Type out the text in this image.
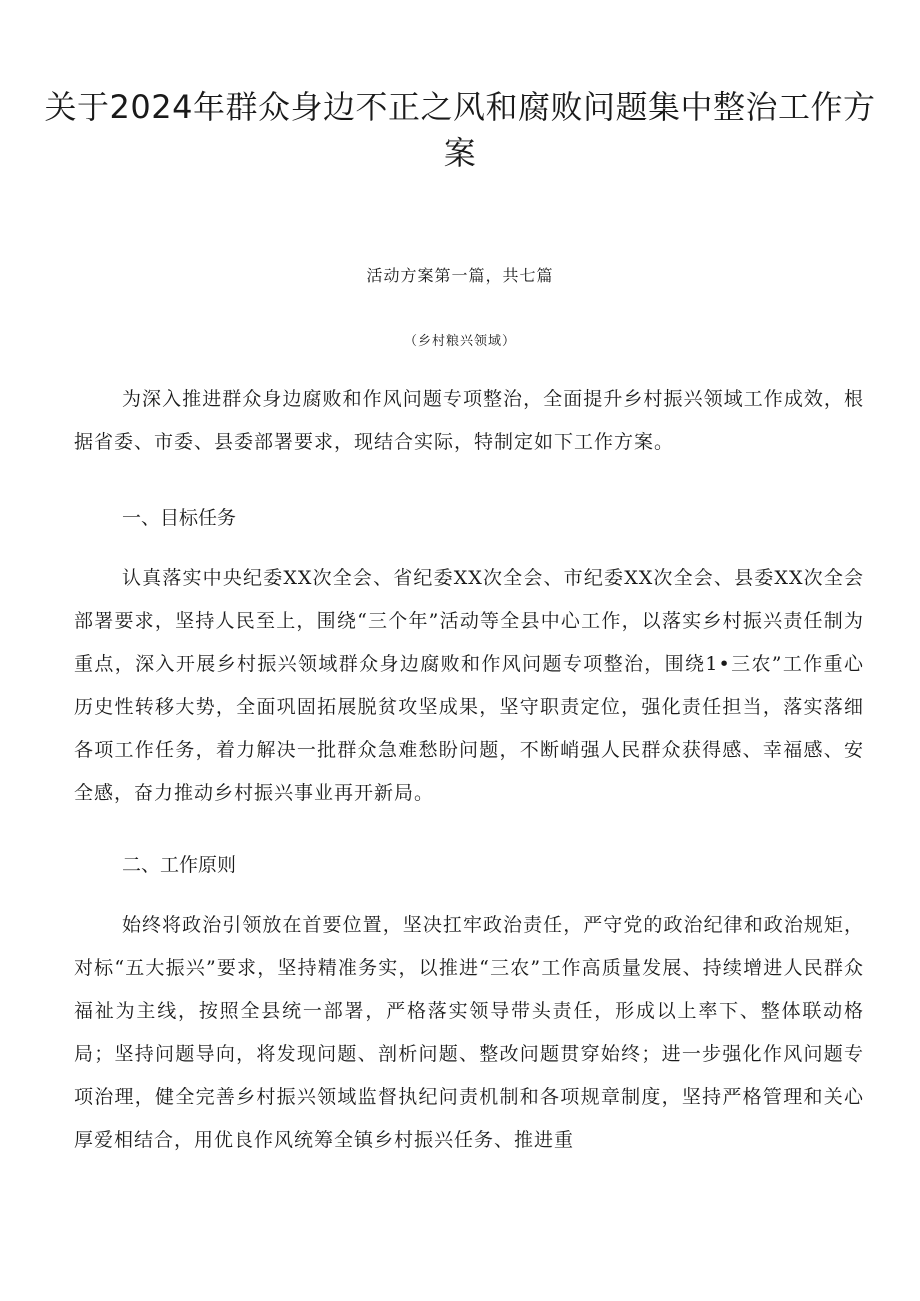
关于2024年群众身边不正之风和腐败问题集中整治工作方案

活动方案第一篇，共七篇

（乡村粮兴领域）

为深入推进群众身边腐败和作风问题专项整治，全面提升乡村振兴领域工作成效，根据省委、市委、县委部署要求，现结合实际，特制定如下工作方案。

一、目标任务

认真落实中央纪委XX次全会、省纪委XX次全会、市纪委XX次全会、县委XX次全会部署要求，坚持人民至上，围绕“三个年”活动等全县中心工作，以落实乡村振兴责任制为重点，深入开展乡村振兴领域群众身边腐败和作风问题专项整治，围绕1•三农”工作重心历史性转移大势，全面巩固拓展脱贫攻坚成果，坚守职责定位，强化责任担当，落实落细各项工作任务，着力解决一批群众急难愁盼问题，不断峭强人民群众获得感、幸福感、安全感，奋力推动乡村振兴事业再开新局。

二、工作原则

始终将政治引领放在首要位置，坚决扛牢政治责任，严守党的政治纪律和政治规矩，对标“五大振兴”要求，坚持精准务实，以推进“三农”工作高质量发展、持续增进人民群众福祉为主线，按照全县统一部署，严格落实领导带头责任，形成以上率下、整体联动格局；坚持问题导向，将发现问题、剖析问题、整改问题贯穿始终；进一步强化作风问题专项治理，健全完善乡村振兴领域监督执纪问责机制和各项规章制度，坚持严格管理和关心厚爱相结合，用优良作风统筹全镇乡村振兴任务、推进重
